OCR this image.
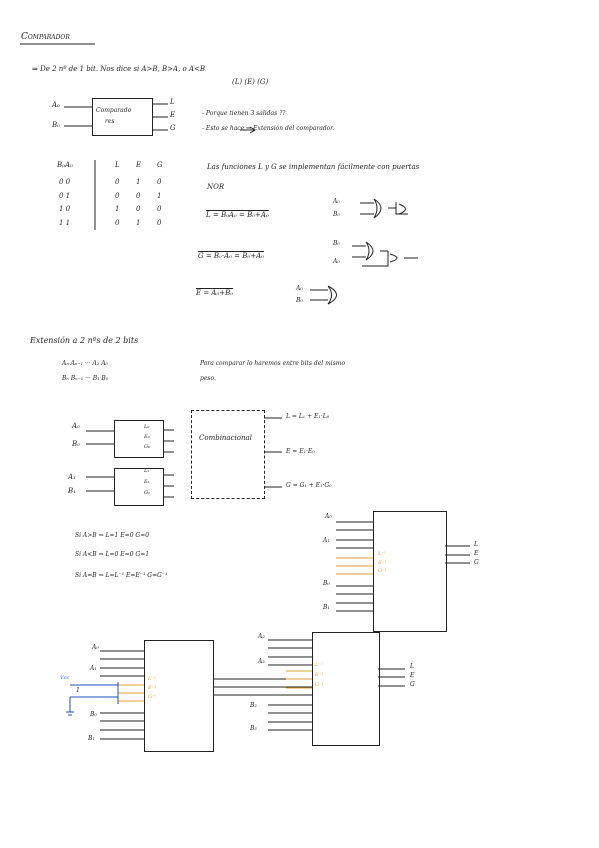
Comparador
⇒ De 2 nº de 1 bit. Nos dice si A>B, B>A, o A<B
(L) (E) (G)
A₀
B₀
Comparado
res
L
E
G
- Porque tienen 3 salidas ??
- Esto se hace ⇒ Extensión del comparador.
B₀A₀	L E G
0 0	0 1 0
0 1	0 0 1
1 0	1 0 0
1 1	0 1 0
Las funciones L y G se implementan fácilmente con puertas
NOR
A₀
B₀
L = B₀A₀ = B₀+A₀
B₀
A₀
G = B₀·A₀ = B₀+A₀
E = A₀+B₀
A₀
B₀
Extensión a 2 nºs de 2 bits
Aₙ Aₙ₋₁ ··· A₁ A₀
Bₙ Bₙ₋₁ ··· B₁ B₀
Para comparar lo haremos entre bits del mismo
peso.
A₀
B₀
L₀
E₀
G₀
A₁
B₁
L₁
E₁
G₁
Combinacional
L = L₁ + E₁·L₀
E = E₁·E₀
G = G₁ + E₁·G₀
Si A>B ⇒ L=1 E=0 G=0
Si A<B ⇒ L=0 E=0 G=1
Si A=B ⇒ L=L⁻¹ E=E⁻¹ G=G⁻¹
A₀
A₁
B₀
B₁
L⁻¹
E⁻¹
G⁻¹
L
E
G
A₀
A₁
B₀
B₁
Vcc
1
L⁻¹
E⁻¹
G⁻¹
A₂
A₃
B₂
B₃
L⁻¹
E⁻¹
G⁻¹
L
E
G
